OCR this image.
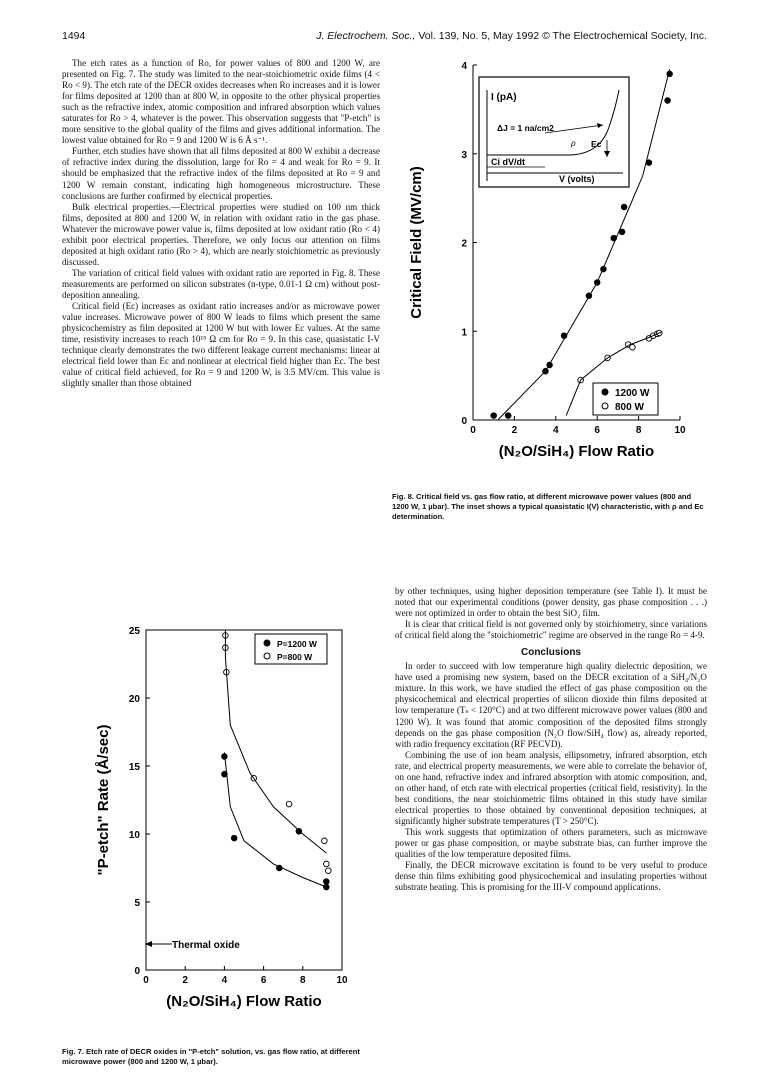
1494	J. Electrochem. Soc., Vol. 139, No. 5, May 1992 © The Electrochemical Society, Inc.

The etch rates as a function of Ro, for power values of 800 and 1200 W, are presented on Fig. 7. The study was limited to the near-stoichiometric oxide films (4 < Ro < 9). The etch rate of the DECR oxides decreases when Ro increases and it is lower for films deposited at 1200 than at 800 W, in opposite to the other physical properties such as the refractive index, atomic composition and infrared absorption which values saturates for Ro > 4, whatever is the power. This observation suggests that "P-etch" is more sensitive to the global quality of the films and gives additional information. The lowest value obtained for Ro = 9 and 1200 W is 6 Å s⁻¹.

Further, etch studies have shown that all films deposited at 800 W exhibit a decrease of refractive index during the dissolution, large for Ro = 4 and weak for Ro = 9. It should be emphasized that the refractive index of the films deposited at Ro = 9 and 1200 W remain constant, indicating high homogeneous microstructure. These conclusions are further confirmed by electrical properties.

Bulk electrical properties.—Electrical properties were studied on 100 nm thick films, deposited at 800 and 1200 W, in relation with oxidant ratio in the gas phase. Whatever the microwave power value is, films deposited at low oxidant ratio (Ro < 4) exhibit poor electrical properties. Therefore, we only focus our attention on films deposited at high oxidant ratio (Ro > 4), which are nearly stoichiometric as previously discussed.

The variation of critical field values with oxidant ratio are reported in Fig. 8. These measurements are performed on silicon substrates (n-type, 0.01-1 Ω cm) without post-deposition annealing.

Critical field (Ec) increases as oxidant ratio increases and/or as microwave power value increases. Microwave power of 800 W leads to films which present the same physicochemistry as film deposited at 1200 W but with lower Ec values. At the same time, resistivity increases to reach 10¹⁵ Ω cm for Ro = 9. In this case, quasistatic I-V technique clearly demonstrates the two different leakage current mechanisms: linear at electrical field lower than Ec and nonlinear at electrical field higher than Ec. The best value of critical field achieved, for Ro = 9 and 1200 W, is 3.5 MV/cm. This value is slightly smaller than those obtained

0	2	4	6	8	10
0
1
2
3
4
(N₂O/SiH₄) Flow Ratio
Critical Field (MV/cm)
I (pA)
ΔJ = 1 na/cm2
ρ Ec
Ci dV/dt
V (volts)
1200 W
800 W
Fig. 8. Critical field vs. gas flow ratio, at different microwave power values (800 and 1200 W, 1 µbar). The inset shows a typical quasistatic I(V) characteristic, with ρ and Ec determination.
0	2	4	6	8	10
0
5
10
15
20
25
(N₂O/SiH₄) Flow Ratio
"P-etch" Rate (Å/sec)
P=1200 W
P=800 W
Thermal oxide
Fig. 7. Etch rate of DECR oxides in "P-etch" solution, vs. gas flow ratio, at different microwave power (800 and 1200 W, 1 µbar).

by other techniques, using higher deposition temperature (see Table I). It must be noted that our experimental conditions (power density, gas phase composition . . .) were not optimized in order to obtain the best SiO₂ film.

It is clear that critical field is not governed only by stoichiometry, since variations of critical field along the "stoichiometric" regime are observed in the range Ro = 4-9.

Conclusions

In order to succeed with low temperature high quality dielectric deposition, we have used a promising new system, based on the DECR excitation of a SiH₄/N₂O mixture. In this work, we have studied the effect of gas phase composition on the physicochemical and electrical properties of silicon dioxide thin films deposited at low temperature (Tₛ < 120°C) and at two different microwave power values (800 and 1200 W). It was found that atomic composition of the deposited films strongly depends on the gas phase composition (N₂O flow/SiH₄ flow) as, already reported, with radio frequency excitation (RF PECVD).

Combining the use of ion beam analysis, ellipsometry, infrared absorption, etch rate, and electrical property measurements, we were able to correlate the behavior of, on one hand, refractive index and infrared absorption with atomic composition, and, on other hand, of etch rate with electrical properties (critical field, resistivity). In the best conditions, the near stoichiometric films obtained in this study have similar electrical properties to those obtained by conventional deposition techniques, at significantly higher substrate temperatures (T > 250°C).

This work suggests that optimization of others parameters, such as microwave power or gas phase composition, or maybe substrate bias, can further improve the qualities of the low temperature deposited films.

Finally, the DECR microwave excitation is found to be very useful to produce dense thin films exhibiting good physicochemical and insulating properties without substrate heating. This is promising for the III-V compound applications.
